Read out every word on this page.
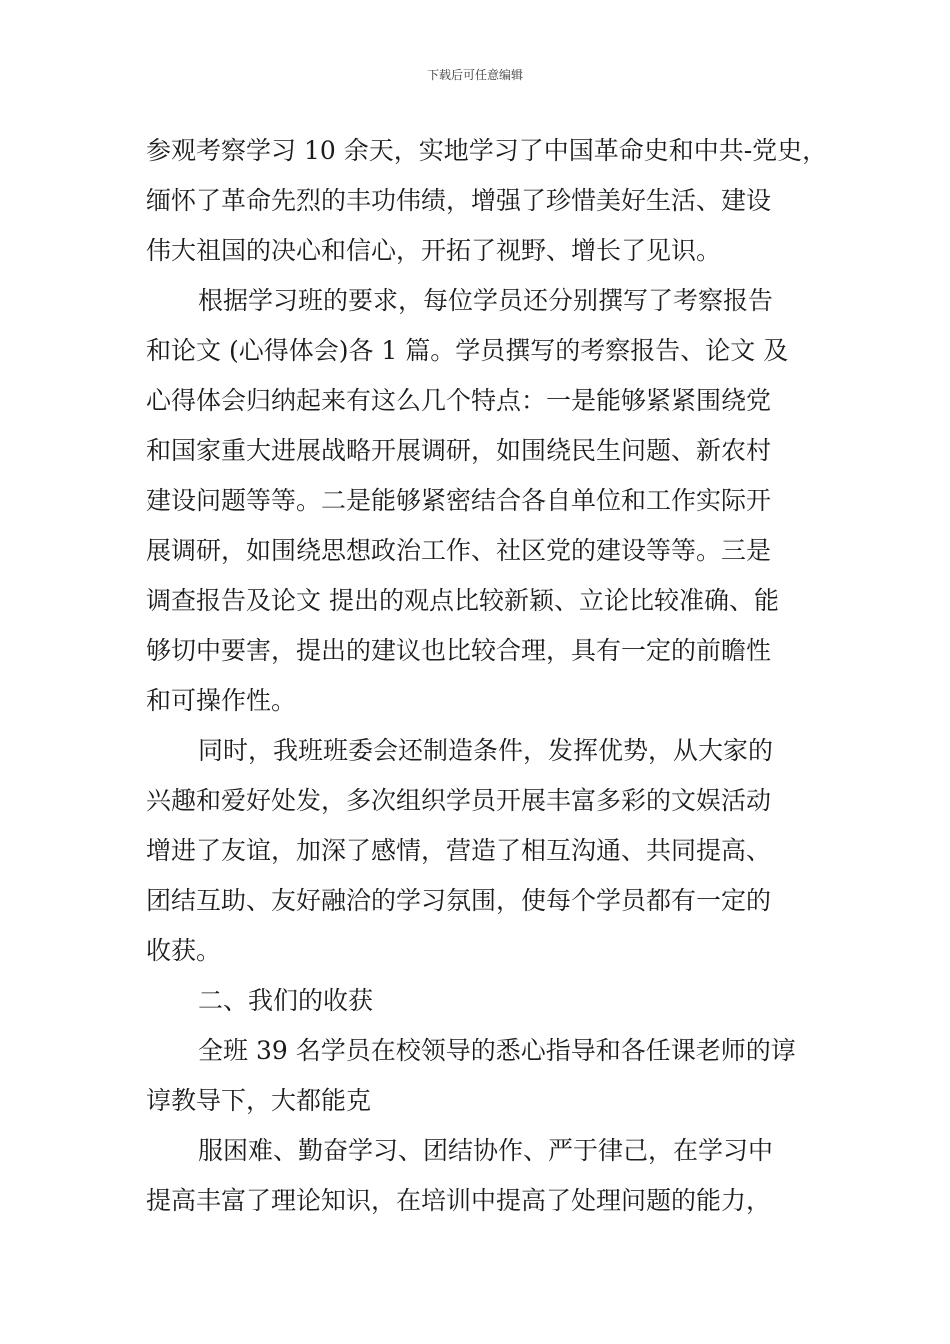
下载后可任意编辑

参观考察学习 10 余天，实地学习了中国革命史和中共-党史，
缅怀了革命先烈的丰功伟绩，增强了珍惜美好生活、建设
伟大祖国的决心和信心，开拓了视野、增长了见识。

根据学习班的要求，每位学员还分别撰写了考察报告
和论文 (心得体会)各 1 篇。学员撰写的考察报告、论文 及
心得体会归纳起来有这么几个特点：一是能够紧紧围绕党
和国家重大进展战略开展调研，如围绕民生问题、新农村
建设问题等等。二是能够紧密结合各自单位和工作实际开
展调研，如围绕思想政治工作、社区党的建设等等。三是
调查报告及论文 提出的观点比较新颖、立论比较准确、能
够切中要害，提出的建议也比较合理，具有一定的前瞻性
和可操作性。

同时，我班班委会还制造条件，发挥优势，从大家的
兴趣和爱好处发，多次组织学员开展丰富多彩的文娱活动
增进了友谊，加深了感情，营造了相互沟通、共同提高、
团结互助、友好融洽的学习氛围，使每个学员都有一定的
收获。

二、我们的收获

全班 39 名学员在校领导的悉心指导和各任课老师的谆
谆教导下，大都能克

服困难、勤奋学习、团结协作、严于律己，在学习中
提高丰富了理论知识，在培训中提高了处理问题的能力，
